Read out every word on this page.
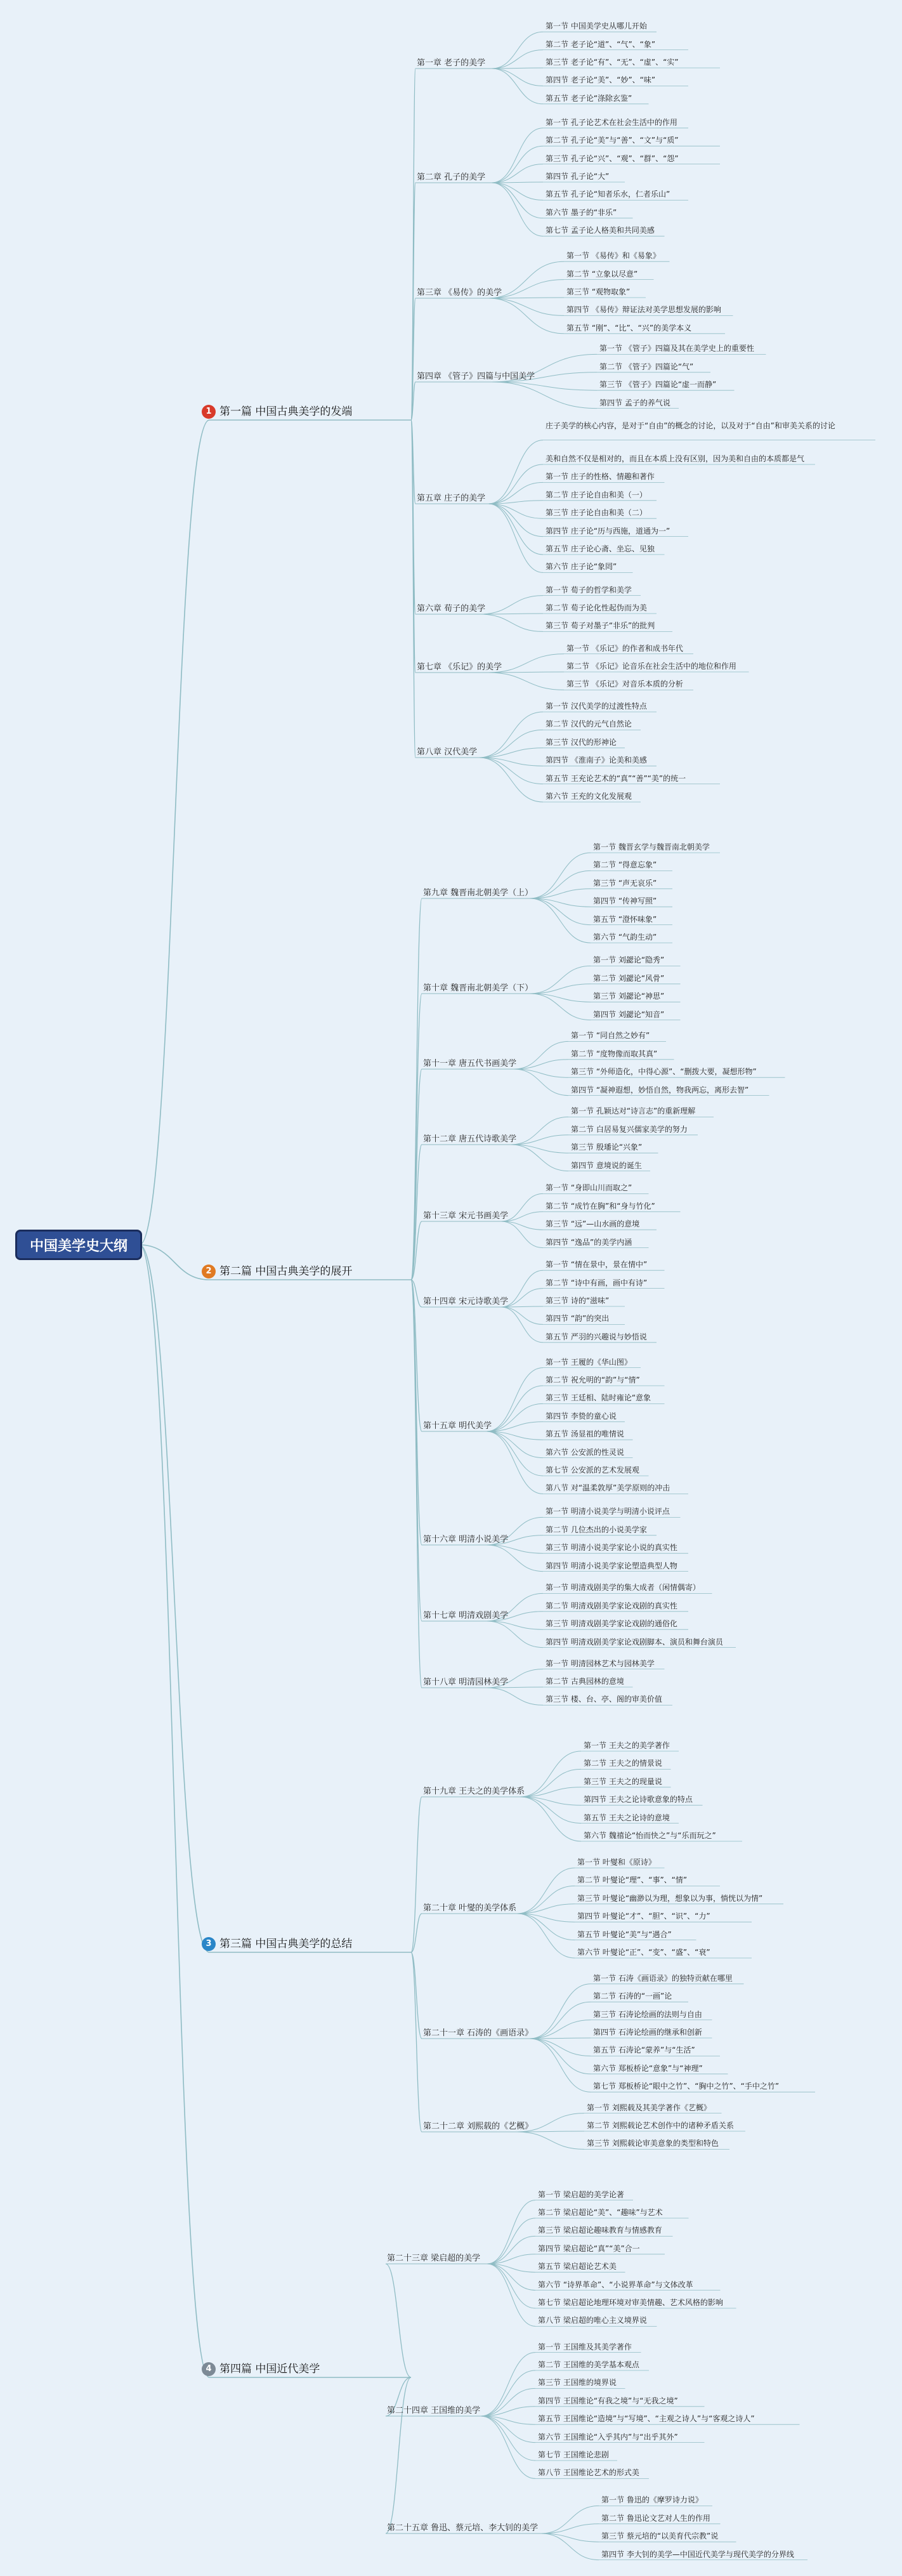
中国美学史大纲
1 第一篇 中国古典美学的发端
第一章 老子的美学
第一节 中国美学史从哪儿开始
第二节 老子论“道”、“气”、“象”
第三节 老子论“有”、“无”、“虚”、“实”
第四节 老子论“美”、“妙”、“味”
第五节 老子论“涤除玄鉴”
第二章 孔子的美学
第一节 孔子论艺术在社会生活中的作用
第二节 孔子论“美”与“善”、“文”与“质”
第三节 孔子论“兴”、“观”、“群”、“怨”
第四节 孔子论“大”
第五节 孔子论“知者乐水，仁者乐山”
第六节 墨子的“非乐”
第七节 孟子论人格美和共同美感
第三章 《易传》的美学
第一节 《易传》和《易象》
第二节 “立象以尽意”
第三节 “观物取象”
第四节 《易传》辩证法对美学思想发展的影响
第五节 “刚”、“比”、“兴”的美学本义
第四章 《管子》四篇与中国美学
第一节 《管子》四篇及其在美学史上的重要性
第二节 《管子》四篇论“气”
第三节 《管子》四篇论“虚一而静”
第四节 孟子的养气说
第五章 庄子的美学
庄子美学的核心内容，是对于“自由”的概念的讨论，以及对于“自由”和审美关系的讨论
美和自然不仅是相对的，而且在本质上没有区别，因为美和自由的本质都是气
第一节 庄子的性格、情趣和著作
第二节 庄子论自由和美（一）
第三节 庄子论自由和美（二）
第四节 庄子论“历与西施，道通为一”
第五节 庄子论心斋、坐忘、见独
第六节 庄子论“象罔”
第六章 荀子的美学
第一节 荀子的哲学和美学
第二节 荀子论化性起伪而为美
第三节 荀子对墨子“非乐”的批判
第七章 《乐记》的美学
第一节 《乐记》的作者和成书年代
第二节 《乐记》论音乐在社会生活中的地位和作用
第三节 《乐记》对音乐本质的分析
第八章 汉代美学
第一节 汉代美学的过渡性特点
第二节 汉代的元气自然论
第三节 汉代的形神论
第四节 《淮南子》论美和美感
第五节 王充论艺术的“真”“善”“美”的统一
第六节 王充的文化发展观
2 第二篇 中国古典美学的展开
第九章 魏晋南北朝美学（上）
第一节 魏晋玄学与魏晋南北朝美学
第二节 “得意忘象”
第三节 “声无哀乐”
第四节 “传神写照”
第五节 “澄怀味象”
第六节 “气韵生动”
第十章 魏晋南北朝美学（下）
第一节 刘勰论“隐秀”
第二节 刘勰论“风骨”
第三节 刘勰论“神思”
第四节 刘勰论“知音”
第十一章 唐五代书画美学
第一节 “同自然之妙有”
第二节 “度物像而取其真”
第三节 “外师造化，中得心源”、“删拨大要，凝想形物”
第四节 “凝神遐想，妙悟自然，物我两忘，离形去智”
第十二章 唐五代诗歌美学
第一节 孔颖达对“诗言志”的重新理解
第二节 白居易复兴儒家美学的努力
第三节 殷璠论“兴象”
第四节 意境说的诞生
第十三章 宋元书画美学
第一节 “身即山川而取之”
第二节 “成竹在胸”和“身与竹化”
第三节 “远”—山水画的意境
第四节 “逸品”的美学内涵
第十四章 宋元诗歌美学
第一节 “情在景中，景在情中”
第二节 “诗中有画，画中有诗”
第三节 诗的“滋味”
第四节 “韵”的突出
第五节 严羽的兴趣说与妙悟说
第十五章 明代美学
第一节 王履的《华山图》
第二节 祝允明的“韵”与“情”
第三节 王廷相、陆时雍论“意象
第四节 李贽的童心说
第五节 汤显祖的唯情说
第六节 公安派的性灵说
第七节 公安派的艺术发展观
第八节 对“温柔敦厚”美学原则的冲击
第十六章 明清小说美学
第一节 明清小说美学与明清小说评点
第二节 几位杰出的小说美学家
第三节 明清小说美学家论小说的真实性
第四节 明清小说美学家论塑造典型人物
第十七章 明清戏剧美学
第一节 明清戏剧美学的集大成者（闲情偶寄）
第二节 明清戏剧美学家论戏剧的真实性
第三节 明清戏剧美学家论戏剧的通俗化
第四节 明清戏剧美学家论戏剧脚本、演员和舞台演员
第十八章 明清园林美学
第一节 明清园林艺术与园林美学
第二节 古典园林的意境
第三节 楼、台、亭、阁的审美价值
3 第三篇 中国古典美学的总结
第十九章 王夫之的美学体系
第一节 王夫之的美学著作
第二节 王夫之的情景说
第三节 王夫之的现量说
第四节 王夫之论诗歌意象的特点
第五节 王夫之论诗的意境
第六节 魏禧论“怡而快之”与“乐而玩之”
第二十章 叶燮的美学体系
第一节 叶燮和《原诗》
第二节 叶燮论“理”、“事”、“情”
第三节 叶燮论“幽渺以为理，想象以为事，惝恍以为情”
第四节 叶燮论“才”、“胆”、“识”、“力”
第五节 叶燮论“美”与“遇合”
第六节 叶燮论“正”、“变”、“盛”、“衰”
第二十一章 石涛的《画语录》
第一节 石涛《画语录》的独特贡献在哪里
第二节 石涛的“一画”论
第三节 石涛论绘画的法则与自由
第四节 石涛论绘画的继承和创新
第五节 石涛论“蒙养”与“生活”
第六节 郑板桥论“意象”与“神理”
第七节 郑板桥论“眼中之竹”、“胸中之竹”、“手中之竹”
第二十二章 刘熙载的《艺概》
第一节 刘熙载及其美学著作《艺概》
第二节 刘熙载论艺术创作中的诸种矛盾关系
第三节 刘熙载论审美意象的类型和特色
4 第四篇 中国近代美学
第二十三章 梁启超的美学
第一节 梁启超的美学论著
第二节 梁启超论“美”、“趣味”与艺术
第三节 梁启超论趣味教育与情感教育
第四节 梁启超论“真”“美”合一
第五节 梁启超论艺术美
第六节 “诗界革命”、“小说界革命”与文体改革
第七节 梁启超论地理环境对审美情趣、艺术风格的影响
第八节 梁启超的唯心主义境界说
第二十四章 王国维的美学
第一节 王国维及其美学著作
第二节 王国维的美学基本观点
第三节 王国维的境界说
第四节 王国维论“有我之境”与“无我之境”
第五节 王国维论“造境”与“写境”、“主观之诗人”与“客观之诗人”
第六节 王国维论“入乎其内”与“出乎其外”
第七节 王国维论悲剧
第八节 王国维论艺术的形式美
第二十五章 鲁迅、蔡元培、李大钊的美学
第一节 鲁迅的《摩罗诗力说》
第二节 鲁迅论文艺对人生的作用
第三节 蔡元培的“以美育代宗教”说
第四节 李大钊的美学—中国近代美学与现代美学的分界线
